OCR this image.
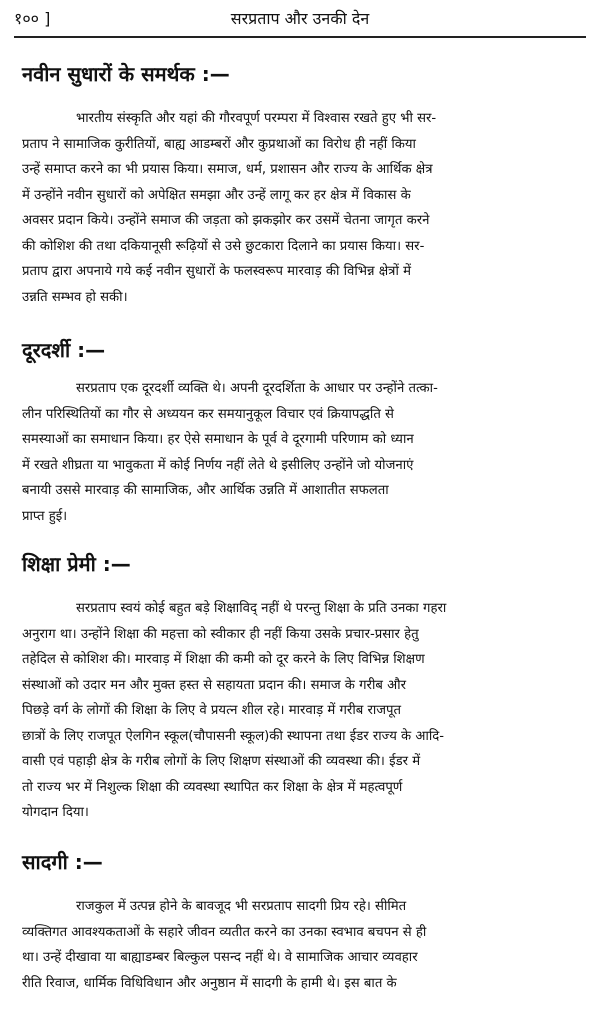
१०० ]	सरप्रताप और उनकी देन
नवीन सुधारों के समर्थक :—
भारतीय संस्कृति और यहां की गौरवपूर्ण परम्परा में विश्वास रखते हुए भी सर-
प्रताप ने सामाजिक कुरीतियों, बाह्य आडम्बरों और कुप्रथाओं का विरोध ही नहीं किया
उन्हें समाप्त करने का भी प्रयास किया। समाज, धर्म, प्रशासन और राज्य के आर्थिक क्षेत्र
में उन्होंने नवीन सुधारों को अपेक्षित समझा और उन्हें लागू कर हर क्षेत्र में विकास के
अवसर प्रदान किये। उन्होंने समाज की जड़ता को झकझोर कर उसमें चेतना जागृत करने
की कोशिश की तथा दकियानूसी रूढ़ियों से उसे छुटकारा दिलाने का प्रयास किया। सर-
प्रताप द्वारा अपनाये गये कई नवीन सुधारों के फलस्वरूप मारवाड़ की विभिन्न क्षेत्रों में
उन्नति सम्भव हो सकी।
दूरदर्शी :—
सरप्रताप एक दूरदर्शी व्यक्ति थे। अपनी दूरदर्शिता के आधार पर उन्होंने तत्का-
लीन परिस्थितियों का गौर से अध्ययन कर समयानुकूल विचार एवं क्रियापद्धति से
समस्याओं का समाधान किया। हर ऐसे समाधान के पूर्व वे दूरगामी परिणाम को ध्यान
में रखते शीघ्रता या भावुकता में कोई निर्णय नहीं लेते थे इसीलिए उन्होंने जो योजनाएं
बनायी उससे मारवाड़ की सामाजिक, और आर्थिक उन्नति में आशातीत सफलता
प्राप्त हुई।
शिक्षा प्रेमी :—
सरप्रताप स्वयं कोई बहुत बड़े शिक्षाविद् नहीं थे परन्तु शिक्षा के प्रति उनका गहरा
अनुराग था। उन्होंने शिक्षा की महत्ता को स्वीकार ही नहीं किया उसके प्रचार-प्रसार हेतु
तहेदिल से कोशिश की। मारवाड़ में शिक्षा की कमी को दूर करने के लिए विभिन्न शिक्षण
संस्थाओं को उदार मन और मुक्त हस्त से सहायता प्रदान की। समाज के गरीब और
पिछड़े वर्ग के लोगों की शिक्षा के लिए वे प्रयत्न शील रहे। मारवाड़ में गरीब राजपूत
छात्रों के लिए राजपूत ऐलगिन स्कूल(चौपासनी स्कूल)की स्थापना तथा ईडर राज्य के आदि-
वासी एवं पहाड़ी क्षेत्र के गरीब लोगों के लिए शिक्षण संस्थाओं की व्यवस्था की। ईडर में
तो राज्य भर में निशुल्क शिक्षा की व्यवस्था स्थापित कर शिक्षा के क्षेत्र में महत्वपूर्ण
योगदान दिया।
सादगी :—
राजकुल में उत्पन्न होने के बावजूद भी सरप्रताप सादगी प्रिय रहे। सीमित
व्यक्तिगत आवश्यकताओं के सहारे जीवन व्यतीत करने का उनका स्वभाव बचपन से ही
था। उन्हें दीखावा या बाह्याडम्बर बिल्कुल पसन्द नहीं थे। वे सामाजिक आचार व्यवहार
रीति रिवाज, धार्मिक विधिविधान और अनुष्ठान में सादगी के हामी थे। इस बात के
